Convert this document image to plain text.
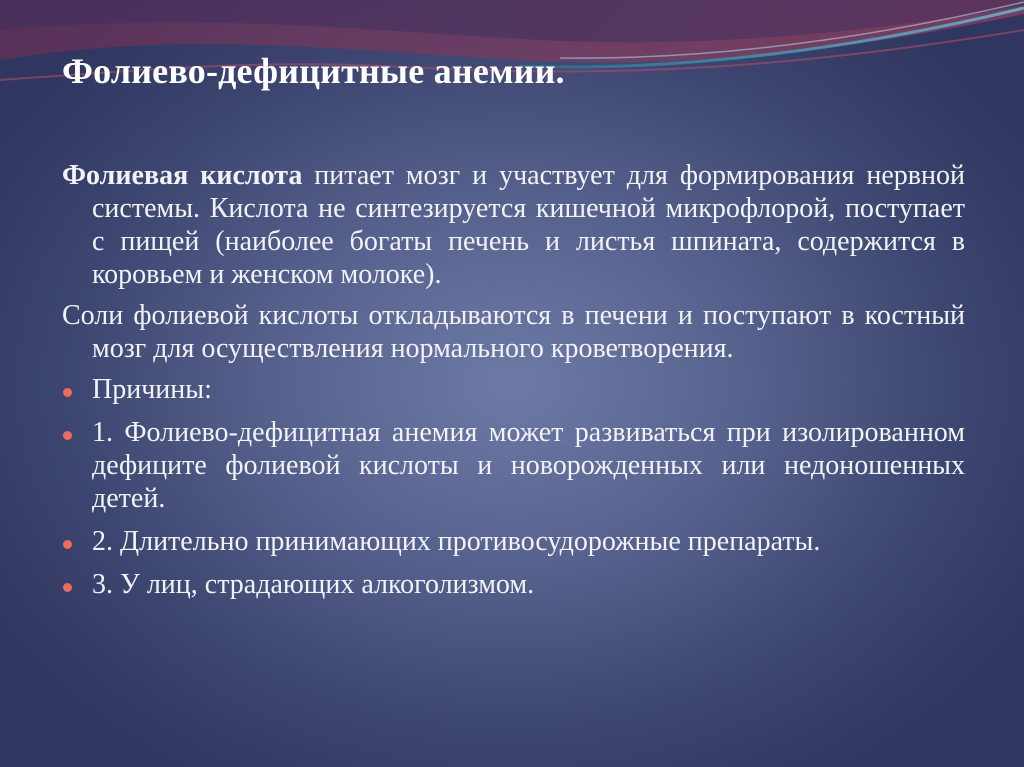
Фолиево-дефицитные анемии.

Фолиевая кислота питает мозг и участвует для формирования нервной системы. Кислота не синтезируется кишечной микрофлорой, поступает с пищей (наиболее богаты печень и листья шпината, содержится в коровьем и женском молоке).

Соли фолиевой кислоты откладываются в печени и поступают в костный мозг для осуществления нормального кроветворения.

Причины:
1. Фолиево-дефицитная анемия может развиваться при изолированном дефиците фолиевой кислоты и новорожденных или недоношенных детей.
2. Длительно принимающих противосудорожные препараты.
3. У лиц, страдающих алкоголизмом.
